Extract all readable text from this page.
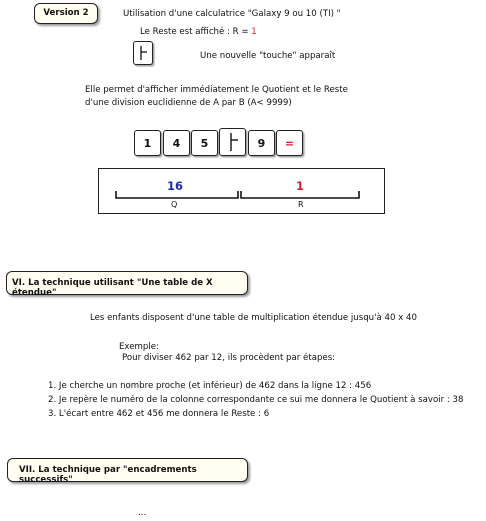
Version 2	Utilisation d'une calculatrice "Galaxy 9 ou 10 (TI) "
Le Reste est affiché : R = 1
Une nouvelle "touche" apparaît
Elle permet d'afficher immédiatement le Quotient et le Reste
d'une division euclidienne de A par B (A< 9999)
1	4	5	9	=
16	1
Q	R
VI. La technique utilisant "Une table de X étendue"
Les enfants disposent d'une table de multiplication étendue jusqu'à 40 x 40
Exemple:
Pour diviser 462 par 12, ils procèdent par étapes:
1. Je cherche un nombre proche (et inférieur) de 462 dans la ligne 12 : 456
2. Je repère le numéro de la colonne correspondante ce sui me donnera le Quotient à savoir : 38
3. L'écart entre 462 et 456 me donnera le Reste : 6
VII. La technique par "encadrements successifs"
...
